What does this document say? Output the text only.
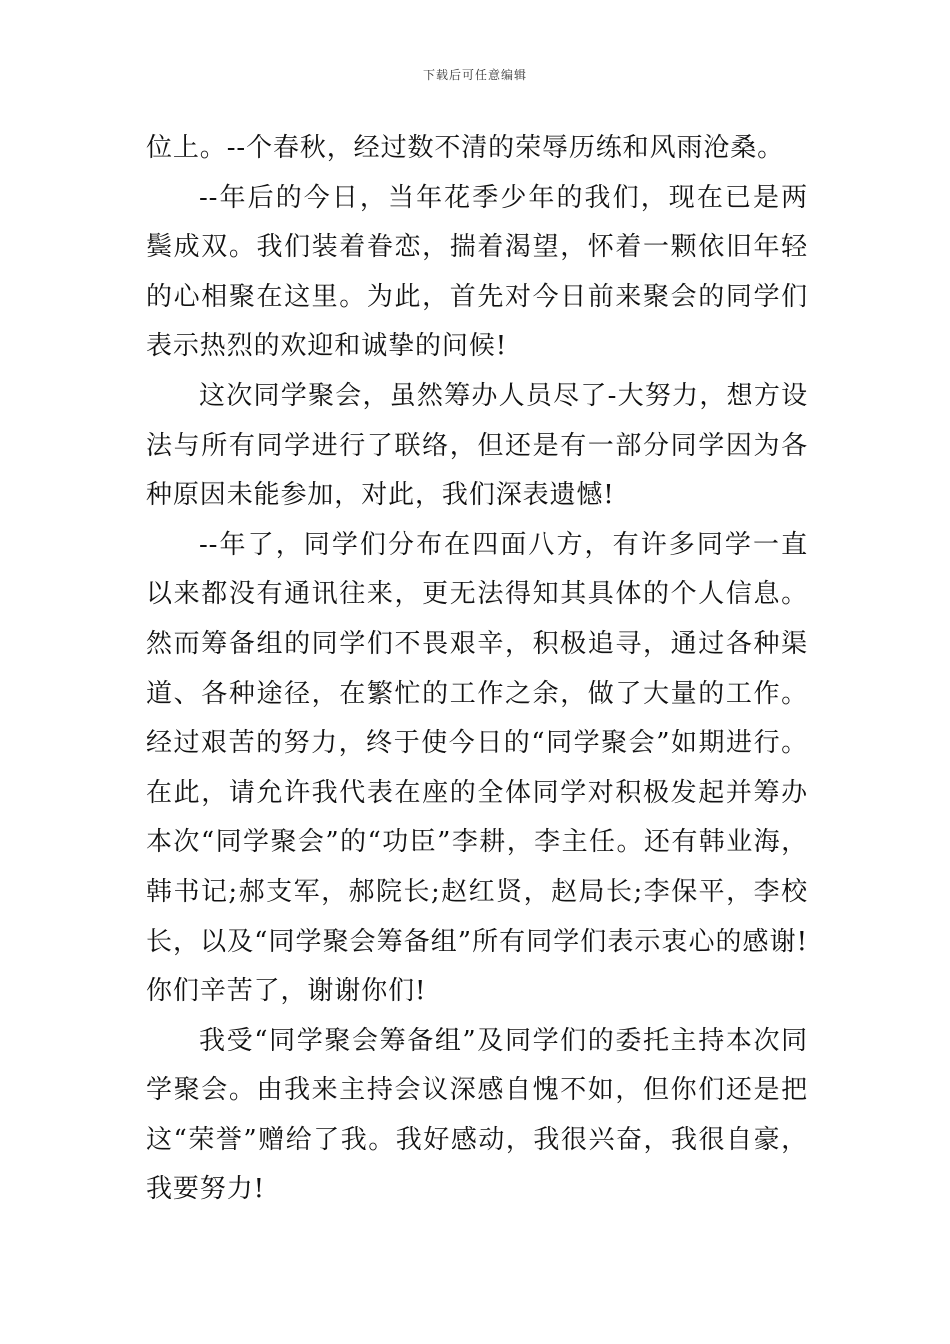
下载后可任意编辑

位上。--个春秋，经过数不清的荣辱历练和风雨沧桑。

--年后的今日，当年花季少年的我们，现在已是两鬓成双。我们装着眷恋，揣着渴望，怀着一颗依旧年轻的心相聚在这里。为此，首先对今日前来聚会的同学们表示热烈的欢迎和诚挚的问候!

这次同学聚会，虽然筹办人员尽了-大努力，想方设法与所有同学进行了联络，但还是有一部分同学因为各种原因未能参加，对此，我们深表遗憾!

--年了，同学们分布在四面八方，有许多同学一直以来都没有通讯往来，更无法得知其具体的个人信息。然而筹备组的同学们不畏艰辛，积极追寻，通过各种渠道、各种途径，在繁忙的工作之余，做了大量的工作。经过艰苦的努力，终于使今日的“同学聚会”如期进行。在此，请允许我代表在座的全体同学对积极发起并筹办本次“同学聚会”的“功臣”李耕，李主任。还有韩业海，韩书记;郝支军，郝院长;赵红贤，赵局长;李保平，李校长，以及“同学聚会筹备组”所有同学们表示衷心的感谢!你们辛苦了，谢谢你们!

我受“同学聚会筹备组”及同学们的委托主持本次同学聚会。由我来主持会议深感自愧不如，但你们还是把这“荣誉”赠给了我。我好感动，我很兴奋，我很自豪，我要努力!
